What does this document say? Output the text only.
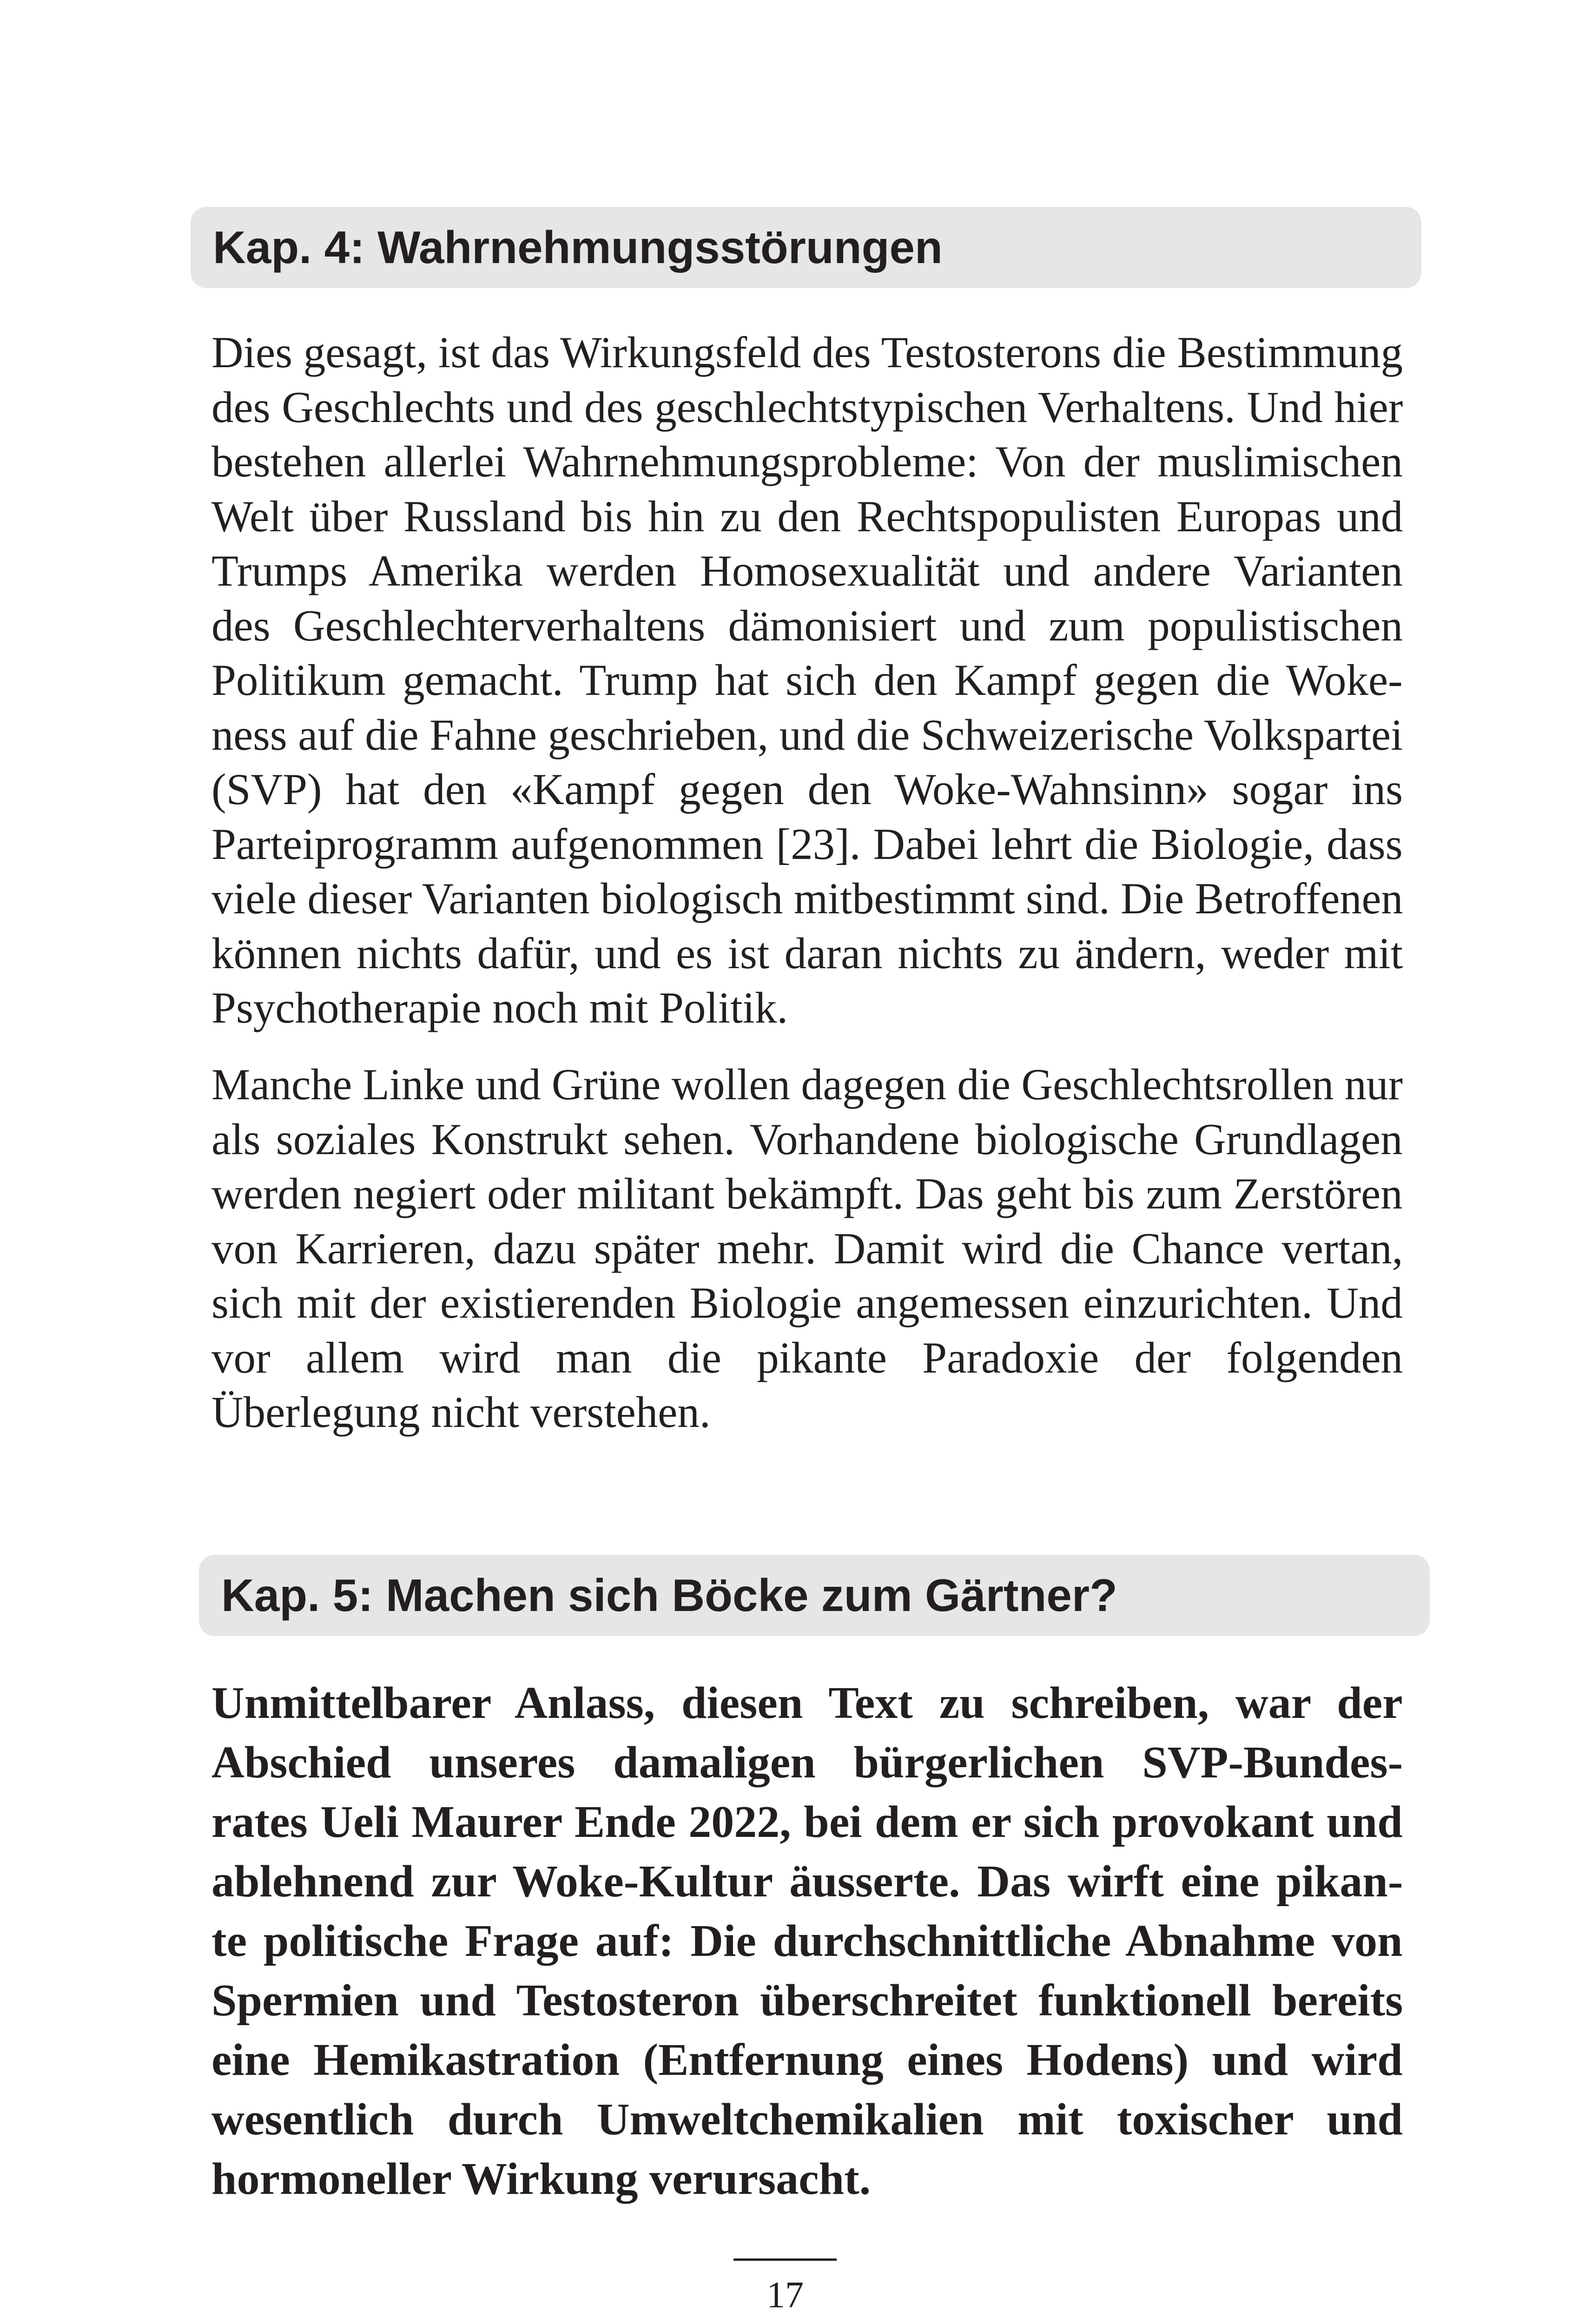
Kap. 4: Wahrnehmungsstörungen
Dies gesagt, ist das Wirkungsfeld des Testosterons die Bestimmung
des Geschlechts und des geschlechtstypischen Verhaltens. Und hier
bestehen allerlei Wahrnehmungsprobleme: Von der muslimischen
Welt über Russland bis hin zu den Rechtspopulisten Europas und
Trumps Amerika werden Homosexualität und andere Varianten
des Geschlechterverhaltens dämonisiert und zum populistischen
Politikum gemacht. Trump hat sich den Kampf gegen die Woke-
ness auf die Fahne geschrieben, und die Schweizerische Volkspartei
(SVP) hat den «Kampf gegen den Woke-Wahnsinn» sogar ins
Parteiprogramm aufgenommen [23]. Dabei lehrt die Biologie, dass
viele dieser Varianten biologisch mitbestimmt sind. Die Betroffenen
können nichts dafür, und es ist daran nichts zu ändern, weder mit
Psychotherapie noch mit Politik.
Manche Linke und Grüne wollen dagegen die Geschlechtsrollen nur
als soziales Konstrukt sehen. Vorhandene biologische Grundlagen
werden negiert oder militant bekämpft. Das geht bis zum Zerstören
von Karrieren, dazu später mehr. Damit wird die Chance vertan,
sich mit der existierenden Biologie angemessen einzurichten. Und
vor allem wird man die pikante Paradoxie der folgenden
Überlegung nicht verstehen.
Kap. 5: Machen sich Böcke zum Gärtner?
Unmittelbarer Anlass, diesen Text zu schreiben, war der
Abschied unseres damaligen bürgerlichen SVP-Bundes-
rates Ueli Maurer Ende 2022, bei dem er sich provokant und
ablehnend zur Woke-Kultur äusserte. Das wirft eine pikan-
te politische Frage auf: Die durchschnittliche Abnahme von
Spermien und Testosteron überschreitet funktionell bereits
eine Hemikastration (Entfernung eines Hodens) und wird
wesentlich durch Umweltchemikalien mit toxischer und
hormoneller Wirkung verursacht.
17
